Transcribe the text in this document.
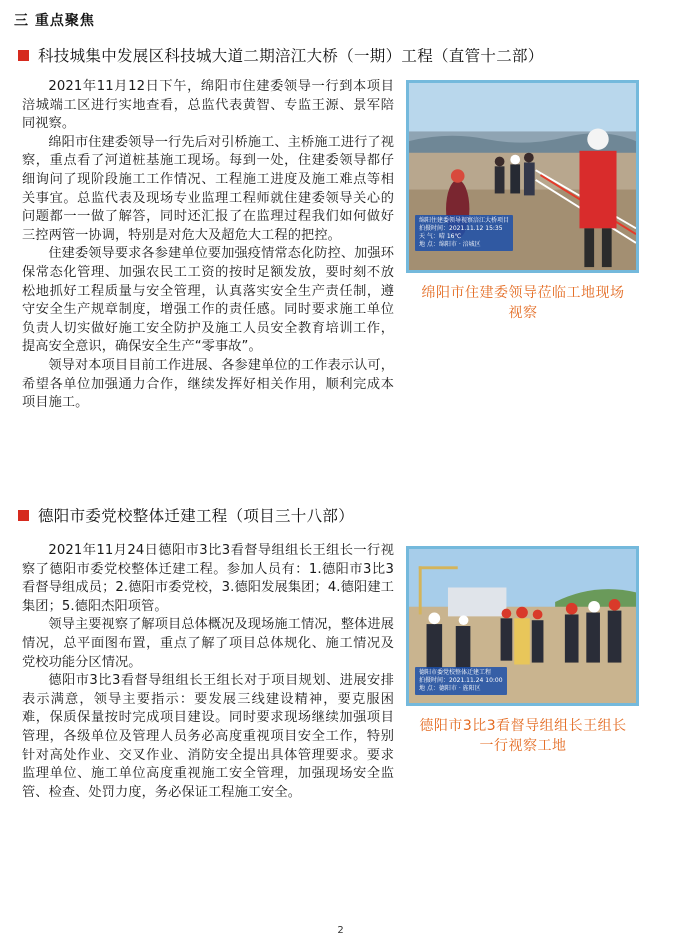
三 重点聚焦
科技城集中发展区科技城大道二期涪江大桥（一期）工程（直管十二部）

2021年11月12日下午，绵阳市住建委领导一行到本项目涪城端工区进行实地查看，总监代表黄智、专监王源、景军陪同视察。

绵阳市住建委领导一行先后对引桥施工、主桥施工进行了视察，重点看了河道桩基施工现场。每到一处，住建委领导都仔细询问了现阶段施工工作情况、工程施工进度及施工难点等相关事宜。总监代表及现场专业监理工程师就住建委领导关心的问题都一一做了解答，同时还汇报了在监理过程我们如何做好三控两管一协调，特别是对危大及超危大工程的把控。

住建委领导要求各参建单位要加强疫情常态化防控、加强环保常态化管理、加强农民工工资的按时足额发放，要时刻不放松地抓好工程质量与安全管理，认真落实安全生产责任制，遵守安全生产规章制度，增强工作的责任感。同时要求施工单位负责人切实做好施工安全防护及施工人员安全教育培训工作，提高安全意识，确保安全生产“零事故”。

领导对本项目目前工作进展、各参建单位的工作表示认可，希望各单位加强通力合作，继续发挥好相关作用，顺利完成本项目施工。

绵阳住建委领导视察涪江大桥项目
拍摄时间：2021.11.12 15:35
天 气：晴 16℃
地 点：绵阳市 · 涪城区
绵阳市住建委领导莅临工地现场视察
德阳市委党校整体迁建工程（项目三十八部）

2021年11月24日德阳市3比3看督导组组长王组长一行视察了德阳市委党校整体迁建工程。参加人员有：1.德阳市3比3看督导组成员；2.德阳市委党校，3.德阳发展集团；4.德阳建工集团；5.德阳杰阳项管。

领导主要视察了解项目总体概况及现场施工情况，整体进展情况，总平面图布置，重点了解了项目总体规化、施工情况及党校功能分区情况。

德阳市3比3看督导组组长王组长对于项目规划、进展安排表示满意，领导主要指示：要发展三线建设精神，要克服困难，保质保量按时完成项目建设。同时要求现场继续加强项目管理，各级单位及管理人员务必高度重视项目安全工作，特别针对高处作业、交叉作业、消防安全提出具体管理要求。要求监理单位、施工单位高度重视施工安全管理，加强现场安全监管、检查、处罚力度，务必保证工程施工安全。

德阳市委党校整体迁建工程
拍摄时间：2021.11.24 10:00
地 点：德阳市 · 旌阳区
德阳市3比3看督导组组长王组长一行视察工地
2
